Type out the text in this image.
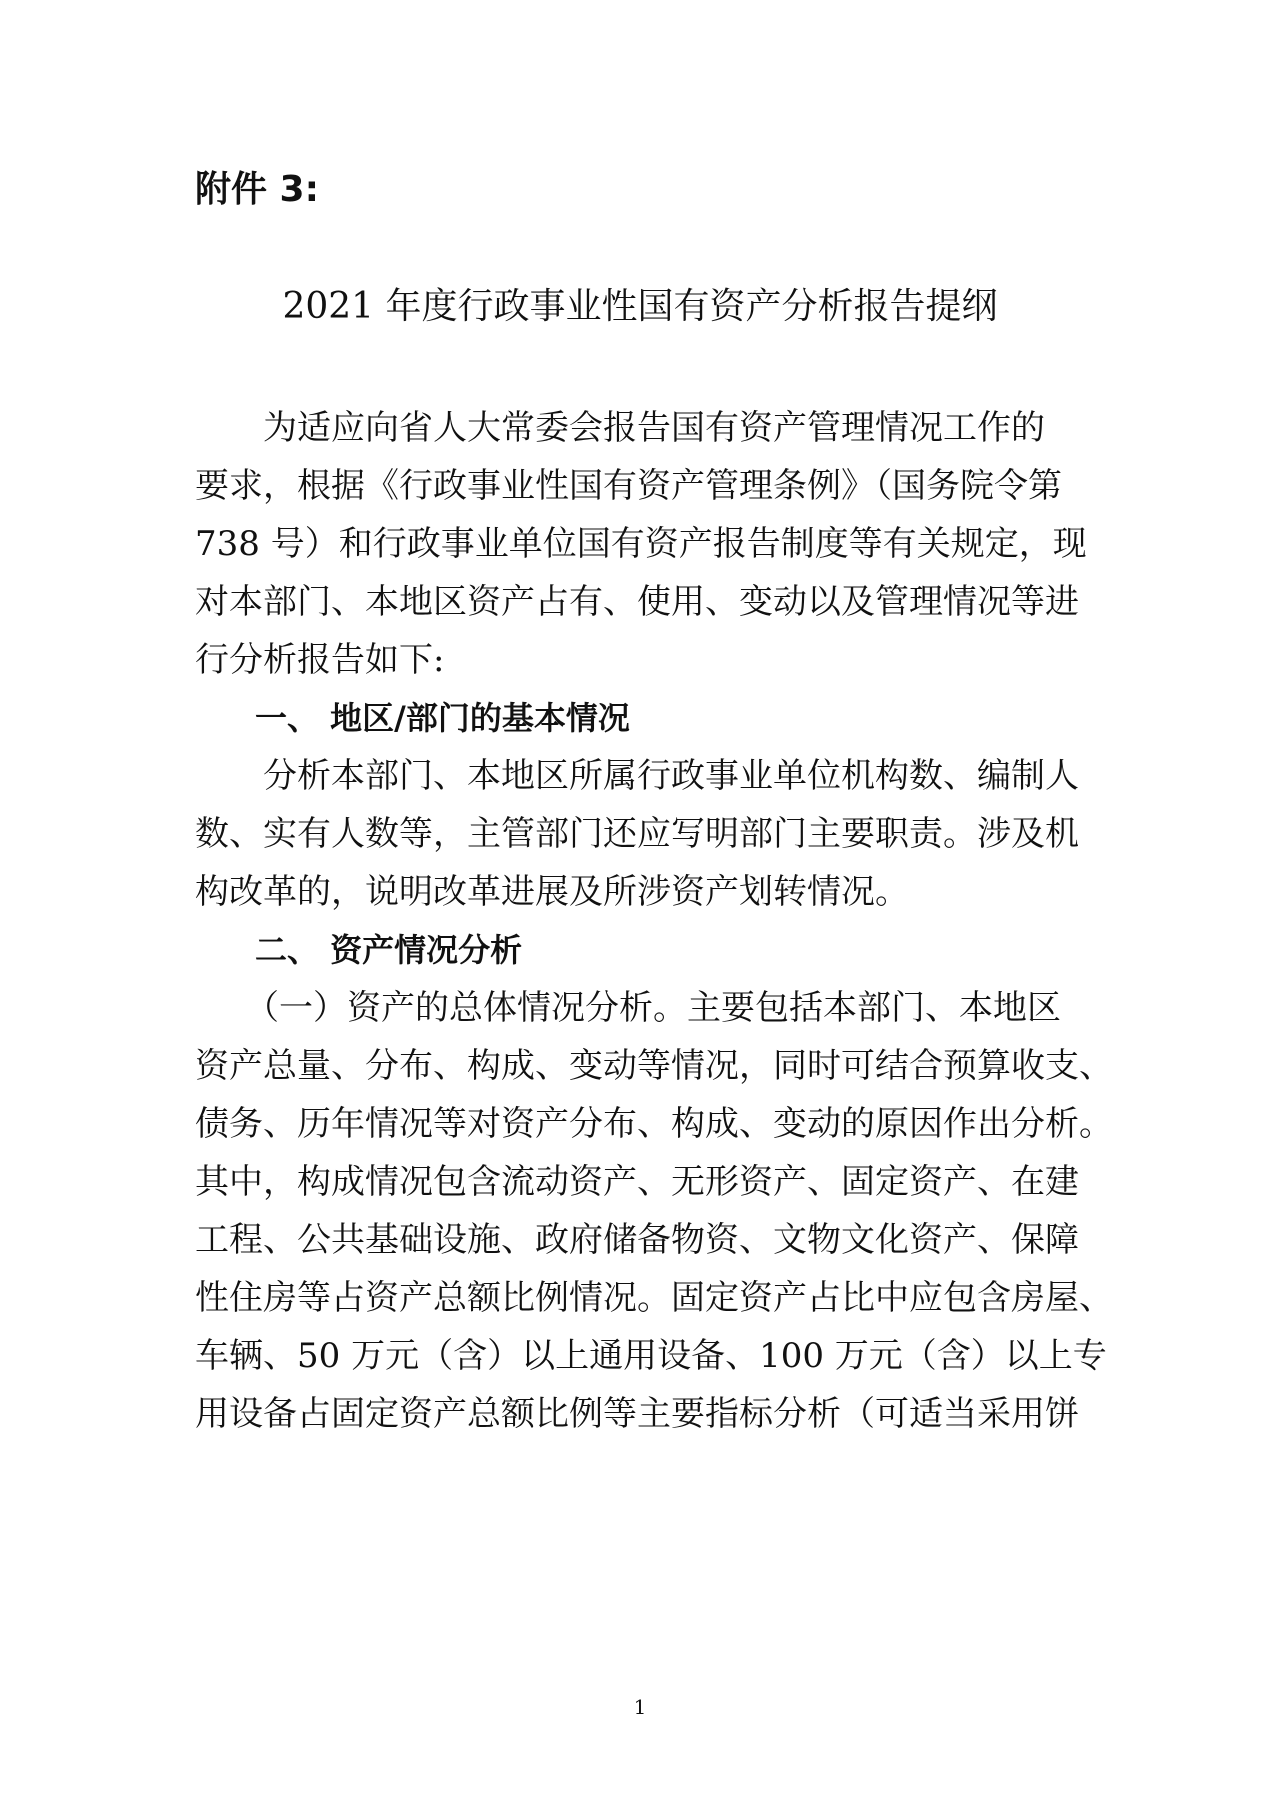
附件 3:
2021 年度行政事业性国有资产分析报告提纲
为适应向省人大常委会报告国有资产管理情况工作的
要求，根据《行政事业性国有资产管理条例》（国务院令第
738 号）和行政事业单位国有资产报告制度等有关规定，现
对本部门、本地区资产占有、使用、变动以及管理情况等进
行分析报告如下:
一、 地区/部门的基本情况
分析本部门、本地区所属行政事业单位机构数、编制人
数、实有人数等，主管部门还应写明部门主要职责。涉及机
构改革的，说明改革进展及所涉资产划转情况。
二、 资产情况分析
（一）资产的总体情况分析。主要包括本部门、本地区
资产总量、分布、构成、变动等情况，同时可结合预算收支、
债务、历年情况等对资产分布、构成、变动的原因作出分析。
其中，构成情况包含流动资产、无形资产、固定资产、在建
工程、公共基础设施、政府储备物资、文物文化资产、保障
性住房等占资产总额比例情况。固定资产占比中应包含房屋、
车辆、50 万元（含）以上通用设备、100 万元（含）以上专
用设备占固定资产总额比例等主要指标分析（可适当采用饼
1
